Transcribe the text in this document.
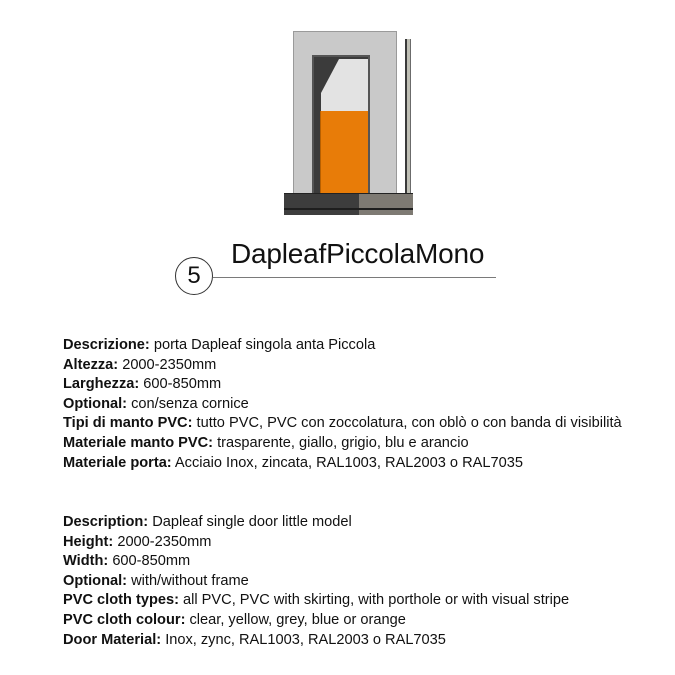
5
DapleafPiccolaMono
Descrizione: porta Dapleaf singola anta Piccola
Altezza: 2000-2350mm
Larghezza: 600-850mm
Optional: con/senza cornice
Tipi di manto PVC: tutto PVC, PVC con zoccolatura, con oblò o con banda di visibilità
Materiale manto PVC: trasparente, giallo, grigio, blu e arancio
Materiale porta: Acciaio Inox, zincata, RAL1003, RAL2003 o RAL7035
Description: Dapleaf single door little model
Height: 2000-2350mm
Width: 600-850mm
Optional: with/without frame
PVC cloth types: all PVC, PVC with skirting, with porthole or with visual stripe
PVC cloth colour: clear, yellow, grey, blue or orange
Door Material: Inox, zync, RAL1003, RAL2003 o RAL7035
